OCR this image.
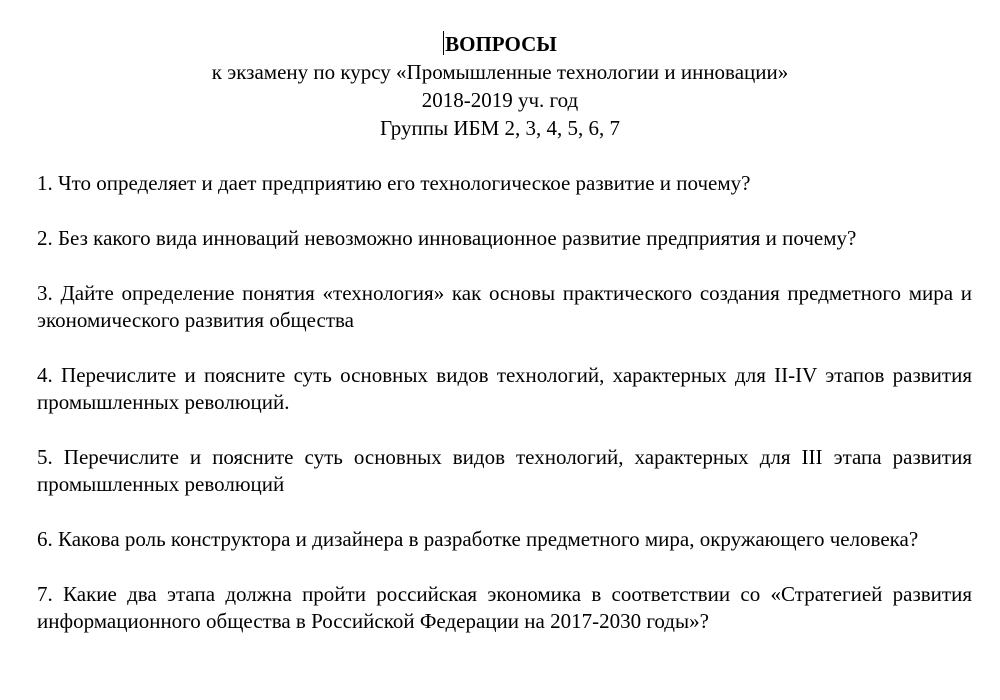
ВОПРОСЫ
к экзамену по курсу «Промышленные технологии и инновации»
2018-2019 уч. год
Группы ИБМ 2, 3, 4, 5, 6, 7

1. Что определяет и дает предприятию его технологическое развитие и почему?

2. Без какого вида инноваций невозможно инновационное развитие предприятия и почему?

3. Дайте определение понятия «технология» как основы практического создания предметного мира и экономического развития общества

4. Перечислите и поясните суть основных видов технологий, характерных для II-IV этапов развития промышленных революций.

5. Перечислите и поясните суть основных видов технологий, характерных для III этапа развития промышленных революций

6. Какова роль конструктора и дизайнера в разработке предметного мира, окружающего человека?

7. Какие два этапа должна пройти российская экономика в соответствии со «Стратегией развития информационного общества в Российской Федерации на 2017-2030 годы»?
